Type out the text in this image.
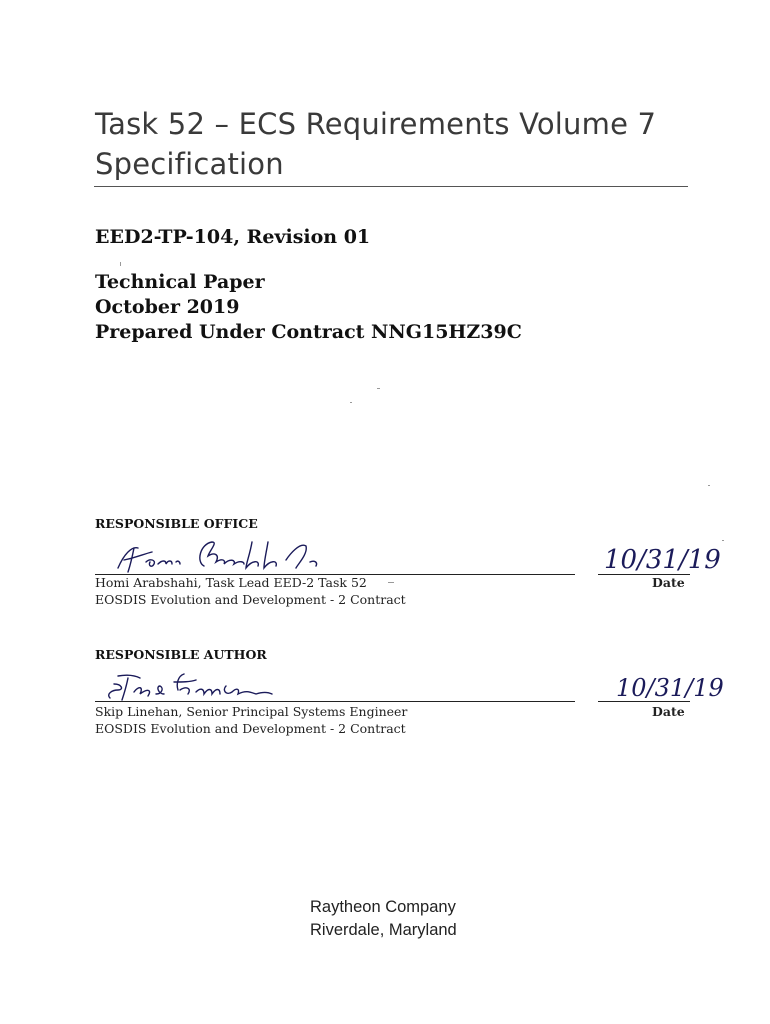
Task 52 – ECS Requirements Volume 7
Specification
EED2-TP-104, Revision 01
Technical Paper
October 2019
Prepared Under Contract NNG15HZ39C
RESPONSIBLE OFFICE
10/31/19
Homi Arabshahi, Task Lead EED-2 Task 52
EOSDIS Evolution and Development - 2 Contract
Date
RESPONSIBLE AUTHOR
10/31/19
Skip Linehan, Senior Principal Systems Engineer
EOSDIS Evolution and Development - 2 Contract
Date
Raytheon Company
Riverdale, Maryland
